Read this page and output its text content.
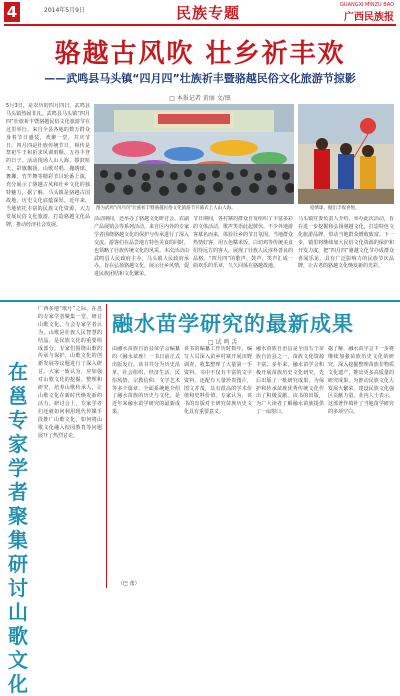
4	2014年5月9日	民族专题	GUANGXI MINZU BAO
广西民族报
骆越古风吹 壮乡祈丰欢
——武鸣县马头镇“四月四”壮族祈丰暨骆越民俗文化旅游节掠影
□ 本报记者 黄丽 文/图
5月3日，是农历的四月四日，武鸣县马头镇热闹非凡。武鸣县马头镇“四月四”壮族祈丰暨骆越民俗文化旅游节在这里举行。来自全县各地的数万群众身着节日盛装，欢聚一堂，共庆节日。四月四是壮族传统节日，相传是祭祀牛王和祈求风调雨顺、五谷丰登的日子。活动现场人山人海，锣鼓喧天，彩旗飘扬。山歌对唱、抛绣球、舞狮、竹竿舞等精彩节目轮番上演，充分展示了骆越古风和壮乡文化的独特魅力。据了解，马头镇是骆越古国故地，历史文化底蕴深厚。近年来，当地依托丰富的民族文化资源，大力发展民俗文化旅游，打造骆越文化品牌，推动经济社会发展。
图为武鸣“四月四”壮族祈丰暨骆越民俗文化旅游节开幕式上人山人海。	抢绣球，抛出丰收喜悦。
活动期间，还举办了骆越文化研讨会、农副产品展销会等系列活动。来自区内外的专家学者围绕骆越文化的保护与传承进行了深入交流。游客们在品尝地方特色美食的同时，也领略了壮族传统文化的风采。本次活动由武鸣县人民政府主办，马头镇人民政府承办，旨在弘扬骆越文化，展示壮乡风情，促进民族团结和文化繁荣。
节日期间，各村寨的群众自发组织了丰富多彩的文体活动，歌声笑语此起彼伏。不少外地游客慕名而来，体验壮乡的节日氛围。当地群众热情好客，用五色糯米饭、白切鸡等传统美食招待远方的客人，展现了壮族人民淳朴善良的品格。“四月四”的歌声、鼓声、笑声汇成一曲欢乐的乐章，久久回荡在骆越故地。
马头镇党委负责人介绍，举办此次活动，旨在进一步挖掘和弘扬骆越文化，打造特色文化旅游品牌，带动当地群众增收致富。下一步，镇里将继续加大民俗文化资源的保护和开发力度，把“四月四”骆越文化节办成群众喜闻乐见、具有广泛影响力的民族节庆品牌，让古老的骆越文化焕发新的光彩。
广西多地“歌圩”之际，在邕的专家学者聚集一堂，研讨山歌文化。与会专家学者认为，山歌是壮族人民智慧的结晶，是民族文化的重要组成部分。专家们围绕山歌的传承与保护、山歌文化的创新发展等议题进行了深入研讨。大家一致认为，应加强对山歌文化的挖掘、整理和研究，培养山歌传承人，让山歌文化在新时代焕发新的活力。研讨会上，专家学者们还就如何利用现代传媒手段推广山歌文化，如何将山歌文化融入校园教育等问题展开了热烈讨论。
在
邕
专
家
学
者
聚
集
研
讨
山
歌
文
化
（巴 蕾）
融水苗学研究的最新成果
□ 试 鸣 舌
由融水苗族自治县苗学会编纂的《融水苗族》一书日前正式出版发行。该书共分为历史沿革、社会组织、经济生活、民俗风情、宗教信仰、文学艺术等多个篇章，全面系统地介绍了融水苗族的历史与文化，是近年来融水苗学研究的最新成果。
该书的编纂工作历时数年，编写人员深入苗乡村寨开展田野调查，收集整理了大量第一手资料。书中不仅有丰富的文字资料，还配有大量珍贵图片，图文并茂，具有很高的学术价值和史料价值。专家认为，该书的出版对于研究苗族历史文化具有重要意义。
融水苗族自治县是全国五个苗族自治县之一，苗族文化资源丰富。多年来，融水苗学会积极开展苗族历史文化研究，先后出版了一批研究成果，为保护和传承苗族优秀传统文化作出了积极贡献。该书的出版，为广大读者了解融水苗族提供了一扇窗口。
据了解，融水苗学会下一步将继续加强苗族历史文化的研究，深入挖掘整理苗族非物质文化遗产，推出更多高质量的研究成果，为推动民族文化大发展大繁荣，建设民族文化强区贡献力量。业内人士表示，这部著作填补了当地苗学研究的多项空白。
